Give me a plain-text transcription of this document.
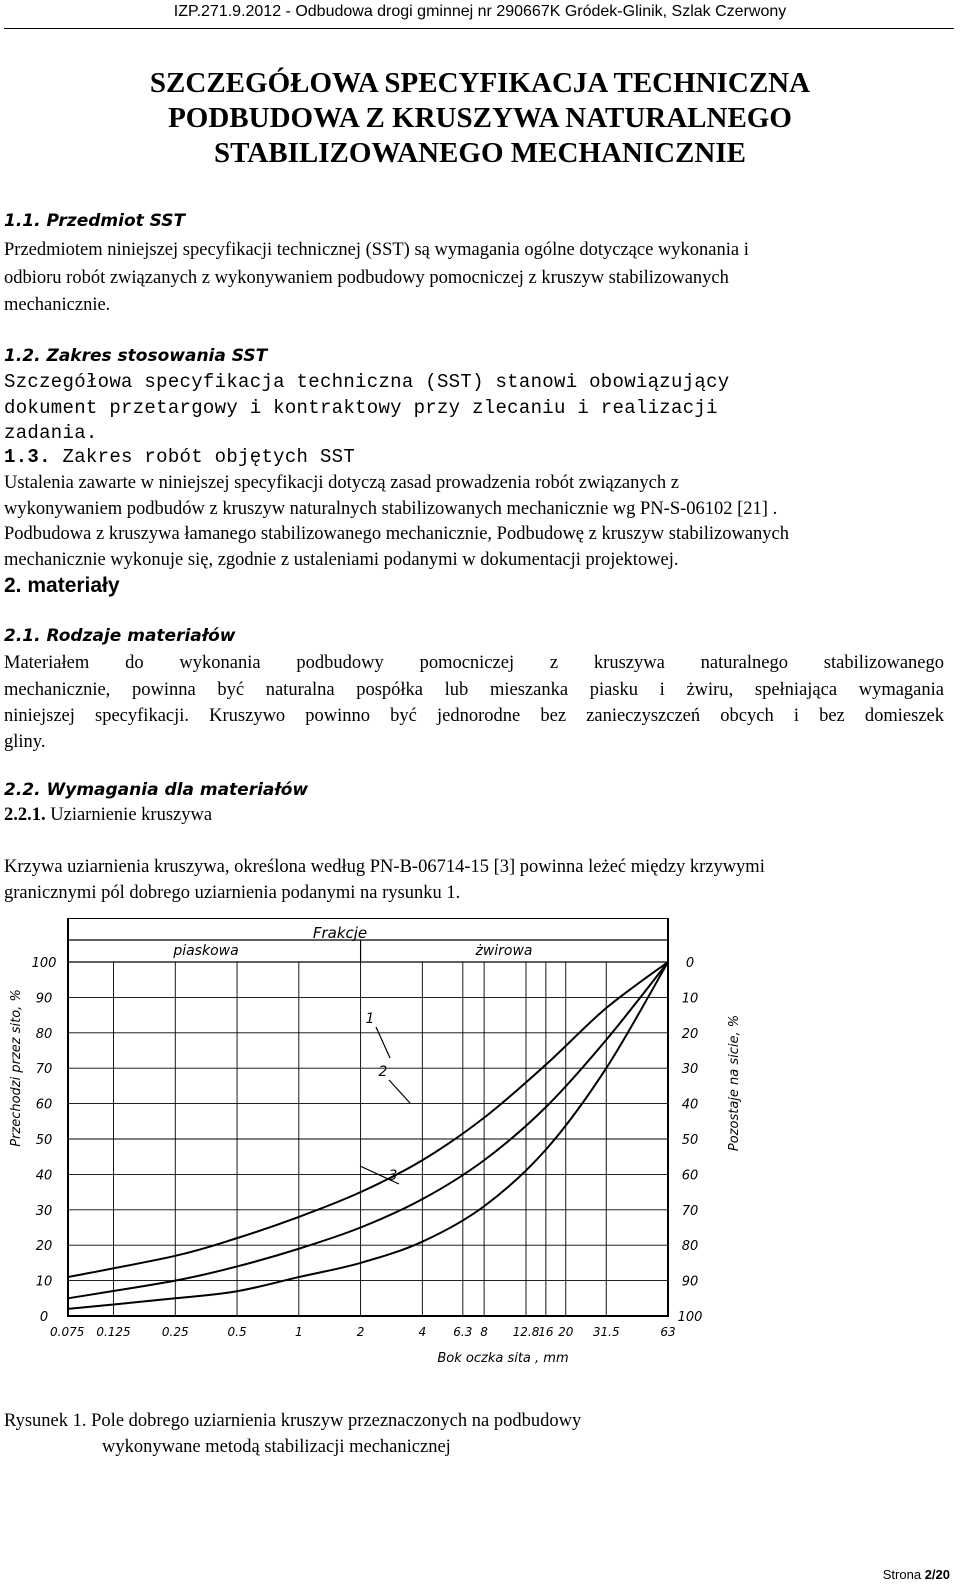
IZP.271.9.2012 - Odbudowa drogi gminnej nr 290667K Gródek-Glinik, Szlak Czerwony
SZCZEGÓŁOWA SPECYFIKACJA TECHNICZNA
PODBUDOWA Z KRUSZYWA NATURALNEGO
STABILIZOWANEGO MECHANICZNIE
1.1. Przedmiot SST
Przedmiotem niniejszej specyfikacji technicznej (SST) są wymagania ogólne dotyczące wykonania i
odbioru robót związanych z wykonywaniem podbudowy pomocniczej z kruszyw stabilizowanych
mechanicznie.
1.2. Zakres stosowania SST
Szczegółowa specyfikacja techniczna (SST) stanowi obowiązujący
dokument przetargowy i kontraktowy przy zlecaniu i realizacji
zadania.
1.3. Zakres robót objętych SST
Ustalenia zawarte w niniejszej specyfikacji dotyczą zasad prowadzenia robót związanych z
wykonywaniem podbudów z kruszyw naturalnych stabilizowanych mechanicznie wg PN-S-06102 [21] .
Podbudowa z kruszywa łamanego stabilizowanego mechanicznie, Podbudowę z kruszyw stabilizowanych
mechanicznie wykonuje się, zgodnie z ustaleniami podanymi w dokumentacji projektowej.
2. materiały
2.1. Rodzaje materiałów
Materiałem do wykonania podbudowy pomocniczej z kruszywa naturalnego stabilizowanego
mechanicznie, powinna być naturalna pospółka lub mieszanka piasku i żwiru, spełniająca wymagania
niniejszej specyfikacji. Kruszywo powinno być jednorodne bez zanieczyszczeń obcych i bez domieszek
gliny.
2.2. Wymagania dla materiałów
2.2.1. Uziarnienie kruszywa
Krzywa uziarnienia kruszywa, określona według PN-B-06714-15 [3] powinna leżeć między krzywymi
granicznymi pól dobrego uziarnienia podanymi na rysunku 1.
0	100
10	90
20	80
30	70
40	60
50	50
60	40
70	30
80	20
90	10
100	0
0.075 0.125	0.25	0.5	1	2	4 6.3 8 12.8
16 20 31.5	63
1
2
3
Frakcje
piaskowa	żwirowa
Bok oczka sita , mm
Przechodzi przez sito, %	Pozostaje na sicie, %
Rysunek 1. Pole dobrego uziarnienia kruszyw przeznaczonych na podbudowy
wykonywane metodą stabilizacji mechanicznej
Strona 2/20
